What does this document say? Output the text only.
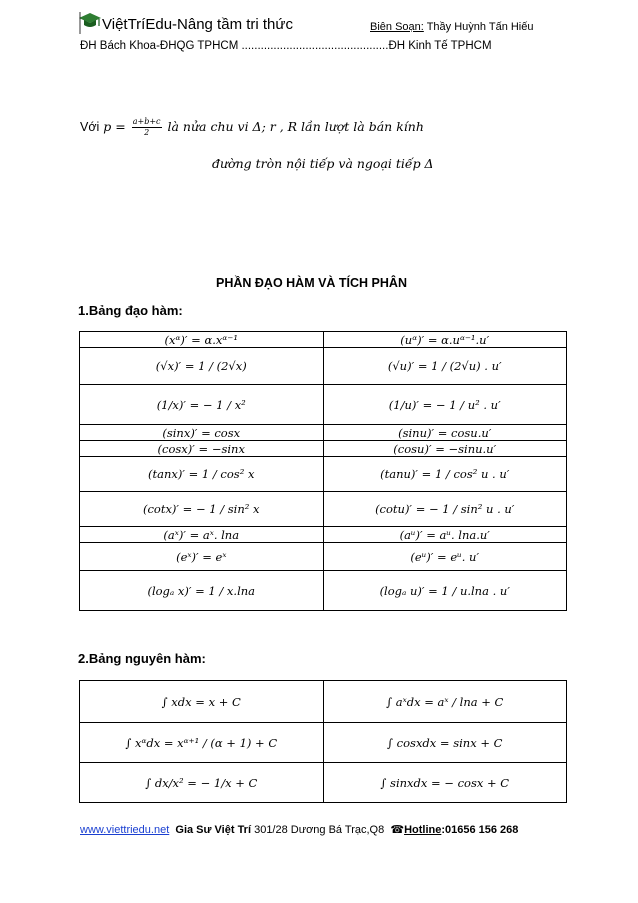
ViệtTríEdu-Nâng tầm tri thức	Biên Soạn: Thầy Huỳnh Tấn Hiếu
ĐH Bách Khoa-ĐHQG TPHCM ..............................................ĐH Kinh Tế TPHCM
Với $p = \frac{a+b+c}{2}$ là nửa chu vi Δ; r , R lần lượt là bán kính
đường tròn nội tiếp và ngoại tiếp Δ
PHẦN ĐẠO HÀM VÀ TÍCH PHÂN
1.Bảng đạo hàm:
(xᵅ)′ = α.xᵅ⁻¹	(uᵅ)′ = α.uᵅ⁻¹.u′
(√x)′ = 1 / (2√x)	(√u)′ = 1 / (2√u) . u′
(1/x)′ = − 1 / x²	(1/u)′ = − 1 / u² . u′
(sinx)′ = cosx	(sinu)′ = cosu.u′
(cosx)′ = −sinx	(cosu)′ = −sinu.u′
(tanx)′ = 1 / cos² x	(tanu)′ = 1 / cos² u . u′
(cotx)′ = − 1 / sin² x	(cotu)′ = − 1 / sin² u . u′
(aˣ)′ = aˣ. lna	(aᵘ)′ = aᵘ. lna.u′
(eˣ)′ = eˣ	(eᵘ)′ = eᵘ. u′
(logₐ x)′ = 1 / x.lna	(logₐ u)′ = 1 / u.lna . u′
2.Bảng nguyên hàm:
∫ xdx = x + C	∫ aˣdx = aˣ / lna + C
∫ xᵅdx = xᵅ⁺¹ / (α + 1) + C	∫ cosxdx = sinx + C
∫ dx/x² = − 1/x + C	∫ sinxdx = − cosx + C
www.viettriedu.net Gia Sư Việt Trí 301/28 Dương Bá Trạc,Q8 ☎Hotline:01656 156 268
